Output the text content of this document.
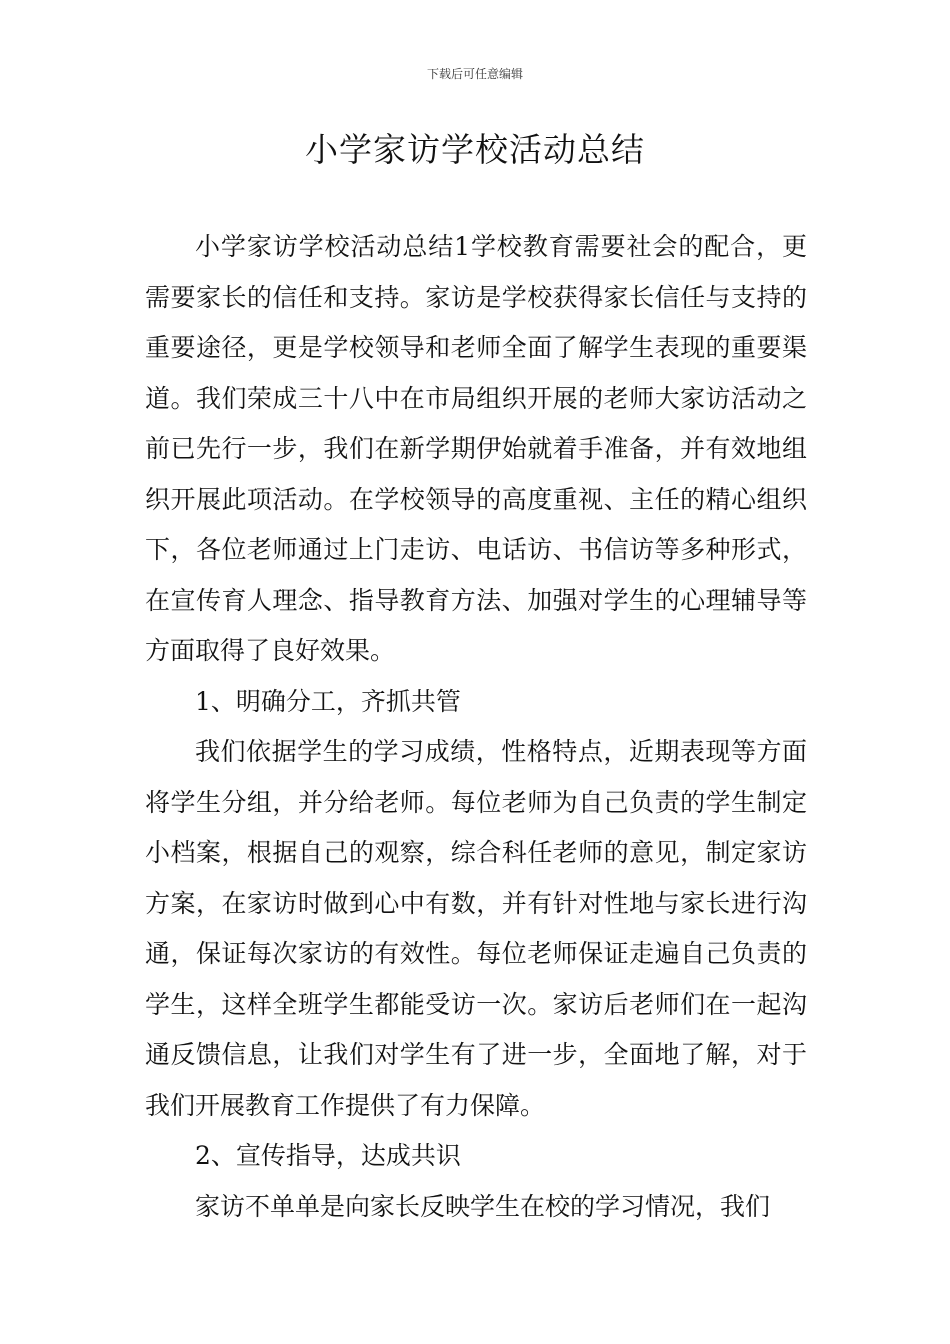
下载后可任意编辑
小学家访学校活动总结

小学家访学校活动总结1学校教育需要社会的配合，更需要家长的信任和支持。家访是学校获得家长信任与支持的重要途径，更是学校领导和老师全面了解学生表现的重要渠道。我们荣成三十八中在市局组织开展的老师大家访活动之前已先行一步，我们在新学期伊始就着手准备，并有效地组织开展此项活动。在学校领导的高度重视、主任的精心组织下，各位老师通过上门走访、电话访、书信访等多种形式，在宣传育人理念、指导教育方法、加强对学生的心理辅导等方面取得了良好效果。

1、明确分工，齐抓共管

我们依据学生的学习成绩，性格特点，近期表现等方面将学生分组，并分给老师。每位老师为自己负责的学生制定小档案，根据自己的观察，综合科任老师的意见，制定家访方案，在家访时做到心中有数，并有针对性地与家长进行沟通，保证每次家访的有效性。每位老师保证走遍自己负责的学生，这样全班学生都能受访一次。家访后老师们在一起沟通反馈信息，让我们对学生有了进一步，全面地了解，对于我们开展教育工作提供了有力保障。

2、宣传指导，达成共识

家访不单单是向家长反映学生在校的学习情况，我们
